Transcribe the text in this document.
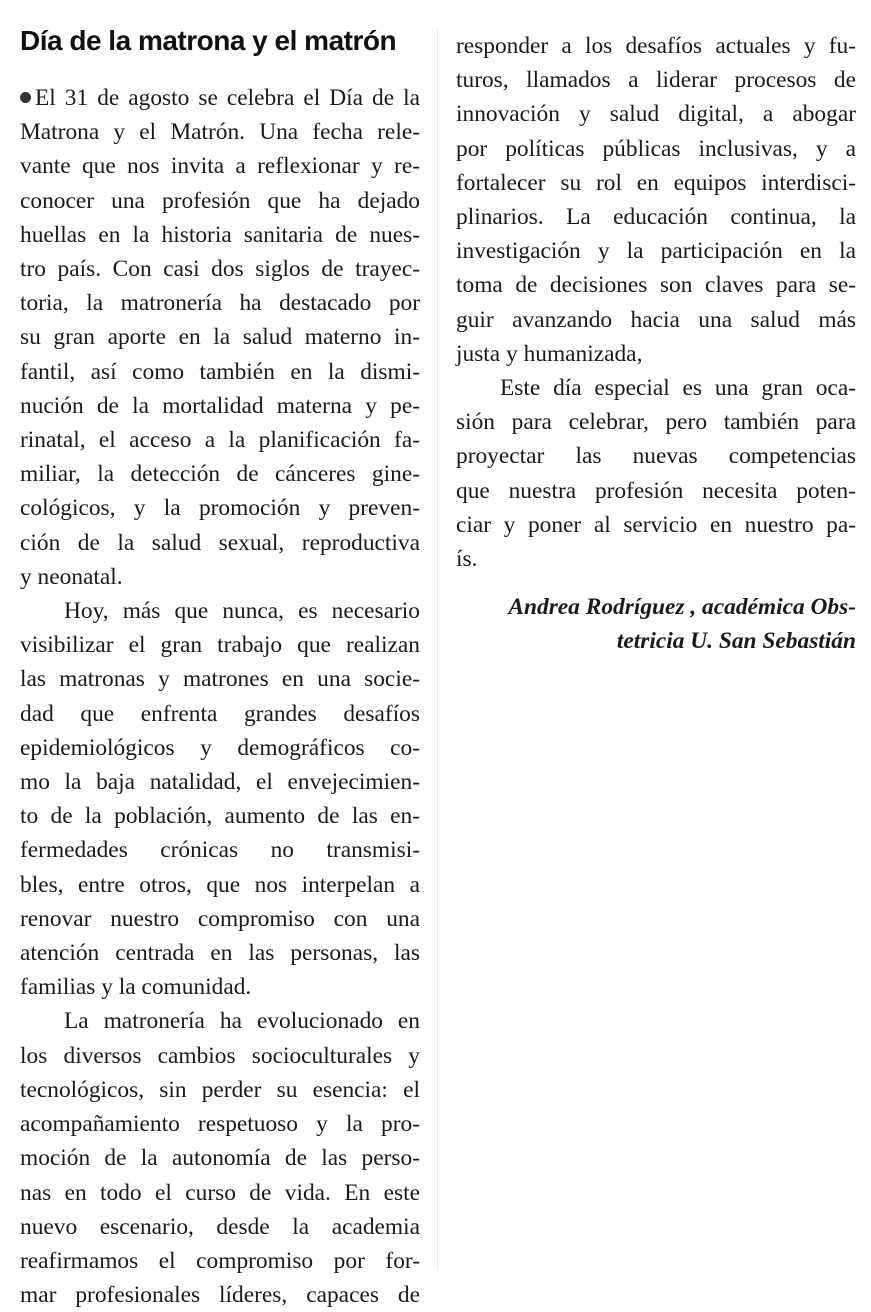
Día de la matrona y el matrón
El 31 de agosto se celebra el Día de la
Matrona y el Matrón. Una fecha rele-
vante que nos invita a reflexionar y re-
conocer una profesión que ha dejado
huellas en la historia sanitaria de nues-
tro país. Con casi dos siglos de trayec-
toria, la matronería ha destacado por
su gran aporte en la salud materno in-
fantil, así como también en la dismi-
nución de la mortalidad materna y pe-
rinatal, el acceso a la planificación fa-
miliar, la detección de cánceres gine-
cológicos, y la promoción y preven-
ción de la salud sexual, reproductiva
y neonatal.
Hoy, más que nunca, es necesario
visibilizar el gran trabajo que realizan
las matronas y matrones en una socie-
dad que enfrenta grandes desafíos
epidemiológicos y demográficos co-
mo la baja natalidad, el envejecimien-
to de la población, aumento de las en-
fermedades crónicas no transmisi-
bles, entre otros, que nos interpelan a
renovar nuestro compromiso con una
atención centrada en las personas, las
familias y la comunidad.
La matronería ha evolucionado en
los diversos cambios socioculturales y
tecnológicos, sin perder su esencia: el
acompañamiento respetuoso y la pro-
moción de la autonomía de las perso-
nas en todo el curso de vida. En este
nuevo escenario, desde la academia
reafirmamos el compromiso por for-
mar profesionales líderes, capaces de
responder a los desafíos actuales y fu-
turos, llamados a liderar procesos de
innovación y salud digital, a abogar
por políticas públicas inclusivas, y a
fortalecer su rol en equipos interdisci-
plinarios. La educación continua, la
investigación y la participación en la
toma de decisiones son claves para se-
guir avanzando hacia una salud más
justa y humanizada,
Este día especial es una gran oca-
sión para celebrar, pero también para
proyectar las nuevas competencias
que nuestra profesión necesita poten-
ciar y poner al servicio en nuestro pa-
ís.
Andrea Rodríguez , académica Obs-
tetricia U. San Sebastián
